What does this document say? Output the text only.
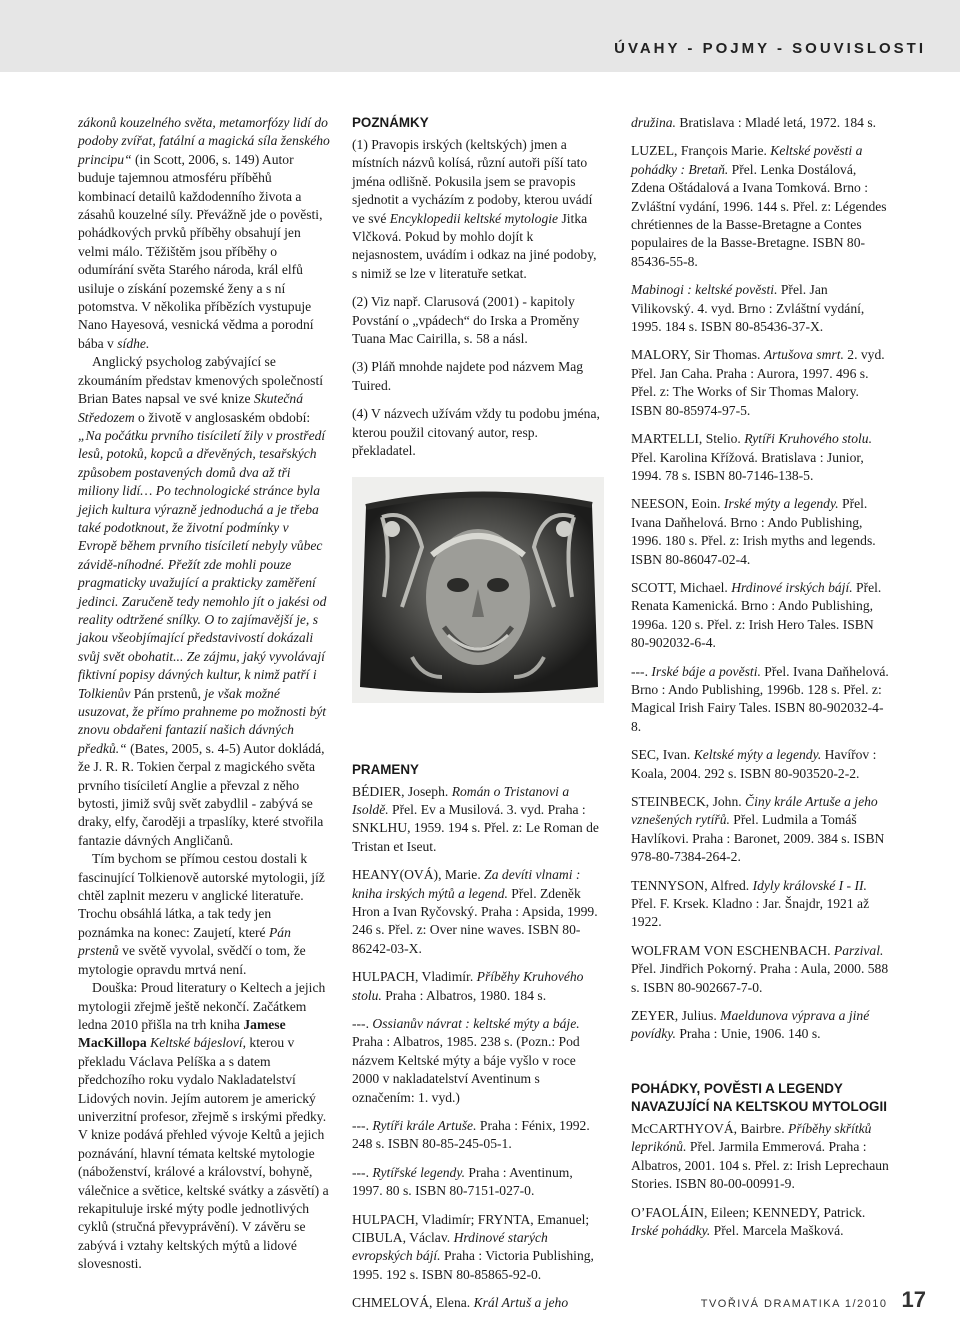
ÚVAHY - POJMY - SOUVISLOSTI

zákonů kouzelného světa, metamorfózy lidí do podoby zvířat, fatální a magická síla ženského principu“ (in Scott, 2006, s. 149) Autor buduje tajemnou atmosféru příběhů kombinací detailů každodenního života a zásahů kouzelné síly. Převážně jde o pověsti, pohádkových prvků příběhy obsahují jen velmi málo. Těžištěm jsou příběhy o odumírání světa Starého národa, král elfů usiluje o získání pozemské ženy a s ní potomstva. V několika příbězích vystupuje Nano Hayesová, vesnická vědma a porodní bába v sídhe.

Anglický psycholog zabývající se zkoumáním představ kmenových společností Brian Bates napsal ve své knize Skutečná Středozem o životě v anglosaském období: „Na počátku prvního tisíciletí žily v prostředí lesů, potoků, kopců a dřevěných, tesařských způsobem postavených domů dva až tři miliony lidí… Po technologické stránce byla jejich kultura výrazně jednoduchá a je třeba také podotknout, že životní podmínky v Evropě během prvního tisíciletí nebyly vůbec závidě-níhodné. Přežít zde mohli pouze pragmaticky uvažující a prakticky zaměření jedinci. Zaručeně tedy nemohlo jít o jakési od reality odtržené snílky. O to zajímavější je, s jakou všeobjímající představivostí dokázali svůj svět obohatit... Ze zájmu, jaký vyvolávají fiktivní popisy dávných kultur, k nimž patří i Tolkienův Pán prstenů, je však možné usuzovat, že přímo prahneme po možnosti být znovu obdařeni fantazií našich dávných předků.“ (Bates, 2005, s. 4-5) Autor dokládá, že J. R. R. Tokien čerpal z magického světa prvního tisíciletí Anglie a převzal z něho bytosti, jimiž svůj svět zabydlil - zabývá se draky, elfy, čaroději a trpaslíky, které stvořila fantazie dávných Angličanů.

Tím bychom se přímou cestou dostali k fascinující Tolkienově autorské mytologii, jíž chtěl zaplnit mezeru v anglické literatuře. Trochu obsáhlá látka, a tak tedy jen poznámka na konec: Zaujetí, které Pán prstenů ve světě vyvolal, svědčí o tom, že mytologie opravdu mrtvá není.

Douška: Proud literatury o Keltech a jejich mytologii zřejmě ještě nekončí. Začátkem ledna 2010 přišla na trh kniha Jamese MacKillopa Keltské bájesloví, kterou v překladu Václava Pelíška a s datem předchozího roku vydalo Nakladatelství Lidových novin. Jejím autorem je americký univerzitní profesor, zřejmě s irskými předky. V knize podává přehled vývoje Keltů a jejich poznávání, hlavní témata keltské mytologie (náboženství, králové a království, bohyně, válečnice a světice, keltské svátky a zásvětí) a rekapituluje irské mýty podle jednotlivých cyklů (stručná převyprávění). V závěru se zabývá i vztahy keltských mýtů a lidové slovesnosti.

POZNÁMKY

(1) Pravopis irských (keltských) jmen a místních názvů kolísá, různí autoři píší tato jména odlišně. Pokusila jsem se pravopis sjednotit a vycházím z podoby, kterou uvádí ve své Encyklopedii keltské mytologie Jitka Vlčková. Pokud by mohlo dojít k nejasnostem, uvádím i odkaz na jiné podoby, s nimiž se lze v literatuře setkat.

(2) Viz např. Clarusová (2001) - kapitoly Povstání o „vpádech“ do Irska a Proměny Tuana Mac Cairilla, s. 58 a násl.

(3) Pláň mnohde najdete pod názvem Mag Tuired.

(4) V názvech užívám vždy tu podobu jména, kterou použil citovaný autor, resp. překladatel.

PRAMENY

BÉDIER, Joseph. Román o Tristanovi a Isoldě. Přel. Ev a Musilová. 3. vyd. Praha : SNKLHU, 1959. 194 s. Přel. z: Le Roman de Tristan et Iseut.

HEANY(OVÁ), Marie. Za devíti vlnami : kniha irských mýtů a legend. Přel. Zdeněk Hron a Ivan Ryčovský. Praha : Apsida, 1999. 246 s. Přel. z: Over nine waves. ISBN 80-86242-03-X.

HULPACH, Vladimír. Příběhy Kruhového stolu. Praha : Albatros, 1980. 184 s.

---. Ossianův návrat : keltské mýty a báje. Praha : Albatros, 1985. 238 s. (Pozn.: Pod názvem Keltské mýty a báje vyšlo v roce 2000 v nakladatelství Aventinum s označením: 1. vyd.)

---. Rytíři krále Artuše. Praha : Fénix, 1992. 248 s. ISBN 80-85-245-05-1.

---. Rytířské legendy. Praha : Aventinum, 1997. 80 s. ISBN 80-7151-027-0.

HULPACH, Vladimír; FRYNTA, Emanuel; CIBULA, Václav. Hrdinové starých evropských bájí. Praha : Victoria Publishing, 1995. 192 s. ISBN 80-85865-92-0.

CHMELOVÁ, Elena. Král Artuš a jeho

družina. Bratislava : Mladé letá, 1972. 184 s.

LUZEL, François Marie. Keltské pověsti a pohádky : Bretaň. Přel. Lenka Dostálová, Zdena Oštádalová a Ivana Tomková. Brno : Zvláštní vydání, 1996. 144 s. Přel. z: Légendes chrétiennes de la Basse-Bretagne a Contes populaires de la Basse-Bretagne. ISBN 80-85436-55-8.

Mabinogi : keltské pověsti. Přel. Jan Vilikovský. 4. vyd. Brno : Zvláštní vydání, 1995. 184 s. ISBN 80-85436-37-X.

MALORY, Sir Thomas. Artušova smrt. 2. vyd. Přel. Jan Caha. Praha : Aurora, 1997. 496 s. Přel. z: The Works of Sir Thomas Malory. ISBN 80-85974-97-5.

MARTELLI, Stelio. Rytíři Kruhového stolu. Přel. Karolina Křížová. Bratislava : Junior, 1994. 78 s. ISBN 80-7146-138-5.

NEESON, Eoin. Irské mýty a legendy. Přel. Ivana Daňhelová. Brno : Ando Publishing, 1996. 180 s. Přel. z: Irish myths and legends. ISBN 80-86047-02-4.

SCOTT, Michael. Hrdinové irských bájí. Přel. Renata Kamenická. Brno : Ando Publishing, 1996a. 120 s. Přel. z: Irish Hero Tales. ISBN 80-902032-6-4.

---. Irské báje a pověsti. Přel. Ivana Daňhelová. Brno : Ando Publishing, 1996b. 128 s. Přel. z: Magical Irish Fairy Tales. ISBN 80-902032-4-8.

SEC, Ivan. Keltské mýty a legendy. Havířov : Koala, 2004. 292 s. ISBN 80-903520-2-2.

STEINBECK, John. Činy krále Artuše a jeho vznešených rytířů. Přel. Ludmila a Tomáš Havlíkovi. Praha : Baronet, 2009. 384 s. ISBN 978-80-7384-264-2.

TENNYSON, Alfred. Idyly královské I - II. Přel. F. Krsek. Kladno : Jar. Šnajdr, 1921 až 1922.

WOLFRAM VON ESCHENBACH. Parzival. Přel. Jindřich Pokorný. Praha : Aula, 2000. 588 s. ISBN 80-902667-7-0.

ZEYER, Julius. Maeldunova výprava a jiné povídky. Praha : Unie, 1906. 140 s.

POHÁDKY, POVĚSTI A LEGENDY NAVAZUJÍCÍ NA KELTSKOU MYTOLOGII

McCARTHYOVÁ, Bairbre. Příběhy skřítků leprikónů. Přel. Jarmila Emmerová. Praha : Albatros, 2001. 104 s. Přel. z: Irish Leprechaun Stories. ISBN 80-00-00991-9.

O’FAOLÁIN, Eileen; KENNEDY, Patrick. Irské pohádky. Přel. Marcela Mašková.

TVOŘIVÁ DRAMATIKA 1/2010 17
